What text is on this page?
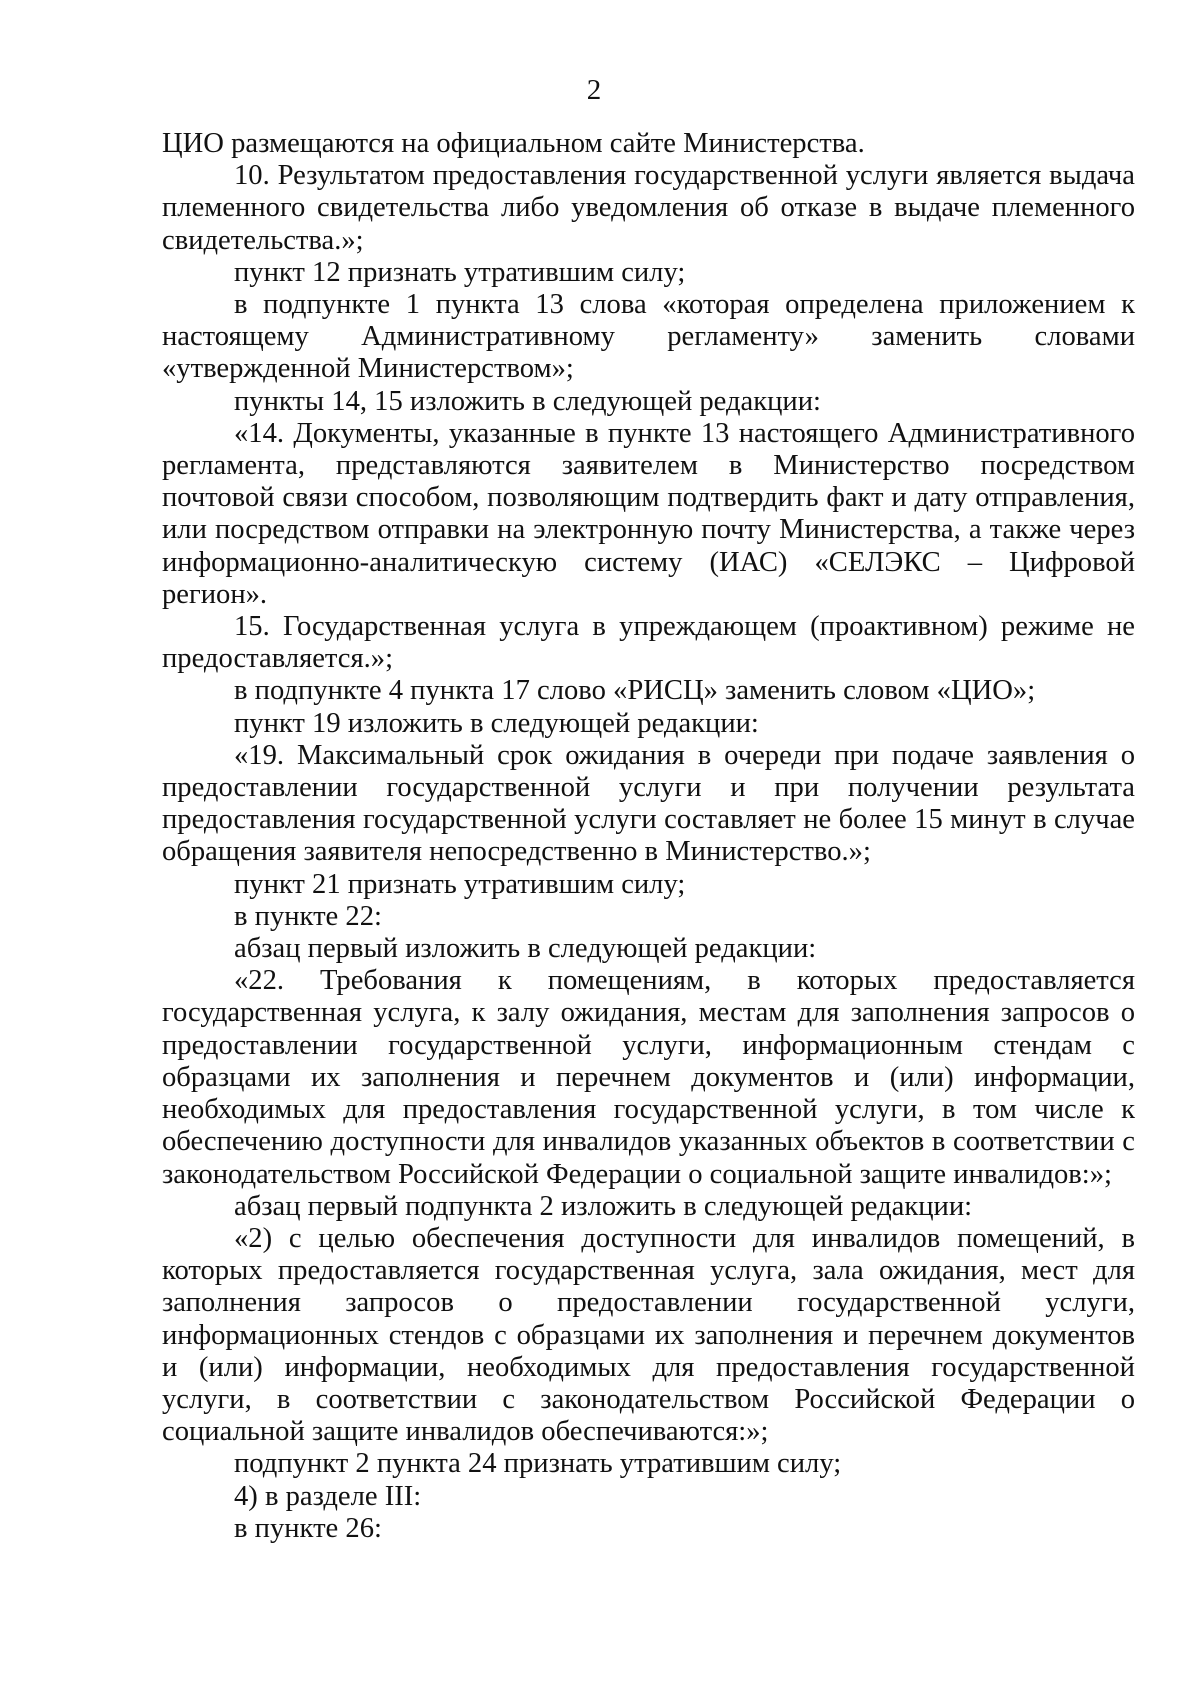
2

ЦИО размещаются на официальном сайте Министерства.

10. Результатом предоставления государственной услуги является выдача племенного свидетельства либо уведомления об отказе в выдаче племенного свидетельства.»;

пункт 12 признать утратившим силу;

в подпункте 1 пункта 13 слова «которая определена приложением к настоящему Административному регламенту» заменить словами «утвержденной Министерством»;

пункты 14, 15 изложить в следующей редакции:

«14. Документы, указанные в пункте 13 настоящего Административного регламента, представляются заявителем в Министерство посредством почтовой связи способом, позволяющим подтвердить факт и дату отправления, или посредством отправки на электронную почту Министерства, а также через информационно-аналитическую систему (ИАС) «СЕЛЭКС – Цифровой регион».

15. Государственная услуга в упреждающем (проактивном) режиме не предоставляется.»;

в подпункте 4 пункта 17 слово «РИСЦ» заменить словом «ЦИО»;

пункт 19 изложить в следующей редакции:

«19. Максимальный срок ожидания в очереди при подаче заявления о предоставлении государственной услуги и при получении результата предоставления государственной услуги составляет не более 15 минут в случае обращения заявителя непосредственно в Министерство.»;

пункт 21 признать утратившим силу;

в пункте 22:

абзац первый изложить в следующей редакции:

«22. Требования к помещениям, в которых предоставляется государственная услуга, к залу ожидания, местам для заполнения запросов о предоставлении государственной услуги, информационным стендам с образцами их заполнения и перечнем документов и (или) информации, необходимых для предоставления государственной услуги, в том числе к обеспечению доступности для инвалидов указанных объектов в соответствии с законодательством Российской Федерации о социальной защите инвалидов:»;

абзац первый подпункта 2 изложить в следующей редакции:

«2) с целью обеспечения доступности для инвалидов помещений, в которых предоставляется государственная услуга, зала ожидания, мест для заполнения запросов о предоставлении государственной услуги, информационных стендов с образцами их заполнения и перечнем документов и (или) информации, необходимых для предоставления государственной услуги, в соответствии с законодательством Российской Федерации о социальной защите инвалидов обеспечиваются:»;

подпункт 2 пункта 24 признать утратившим силу;

4) в разделе III:

в пункте 26:
